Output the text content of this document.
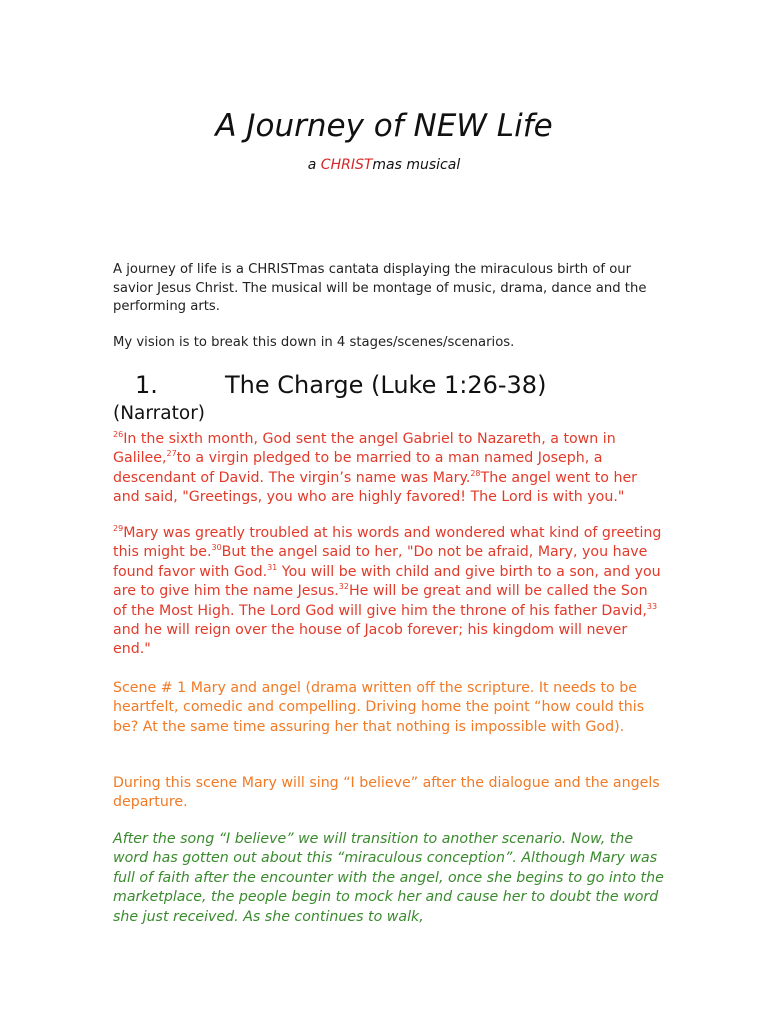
A Journey of NEW Life
a CHRISTmas musical

A journey of life is a CHRISTmas cantata displaying the miraculous birth of our savior Jesus Christ. The musical will be montage of music, drama, dance and the performing arts.

My vision is to break this down in 4 stages/scenes/scenarios.

1.	The Charge (Luke 1:26-38)
(Narrator)

$^{26}$In the sixth month, God sent the angel Gabriel to Nazareth, a town in Galilee,$^{27}$to a virgin pledged to be married to a man named Joseph, a descendant of David. The virgin’s name was Mary.$^{28}$The angel went to her and said, "Greetings, you who are highly favored! The Lord is with you."

$^{29}$Mary was greatly troubled at his words and wondered what kind of greeting this might be.$^{30}$But the angel said to her, "Do not be afraid, Mary, you have found favor with God.$^{31}$ You will be with child and give birth to a son, and you are to give him the name Jesus.$^{32}$He will be great and will be called the Son of the Most High. The Lord God will give him the throne of his father David,$^{33}$ and he will reign over the house of Jacob forever; his kingdom will never end."

Scene # 1 Mary and angel (drama written off the scripture. It needs to be heartfelt, comedic and compelling. Driving home the point “how could this be? At the same time assuring her that nothing is impossible with God).

During this scene Mary will sing “I believe” after the dialogue and the angels departure.

After the song “I believe” we will transition to another scenario. Now, the word has gotten out about this “miraculous conception”. Although Mary was full of faith after the encounter with the angel, once she begins to go into the marketplace, the people begin to mock her and cause her to doubt the word she just received. As she continues to walk,
